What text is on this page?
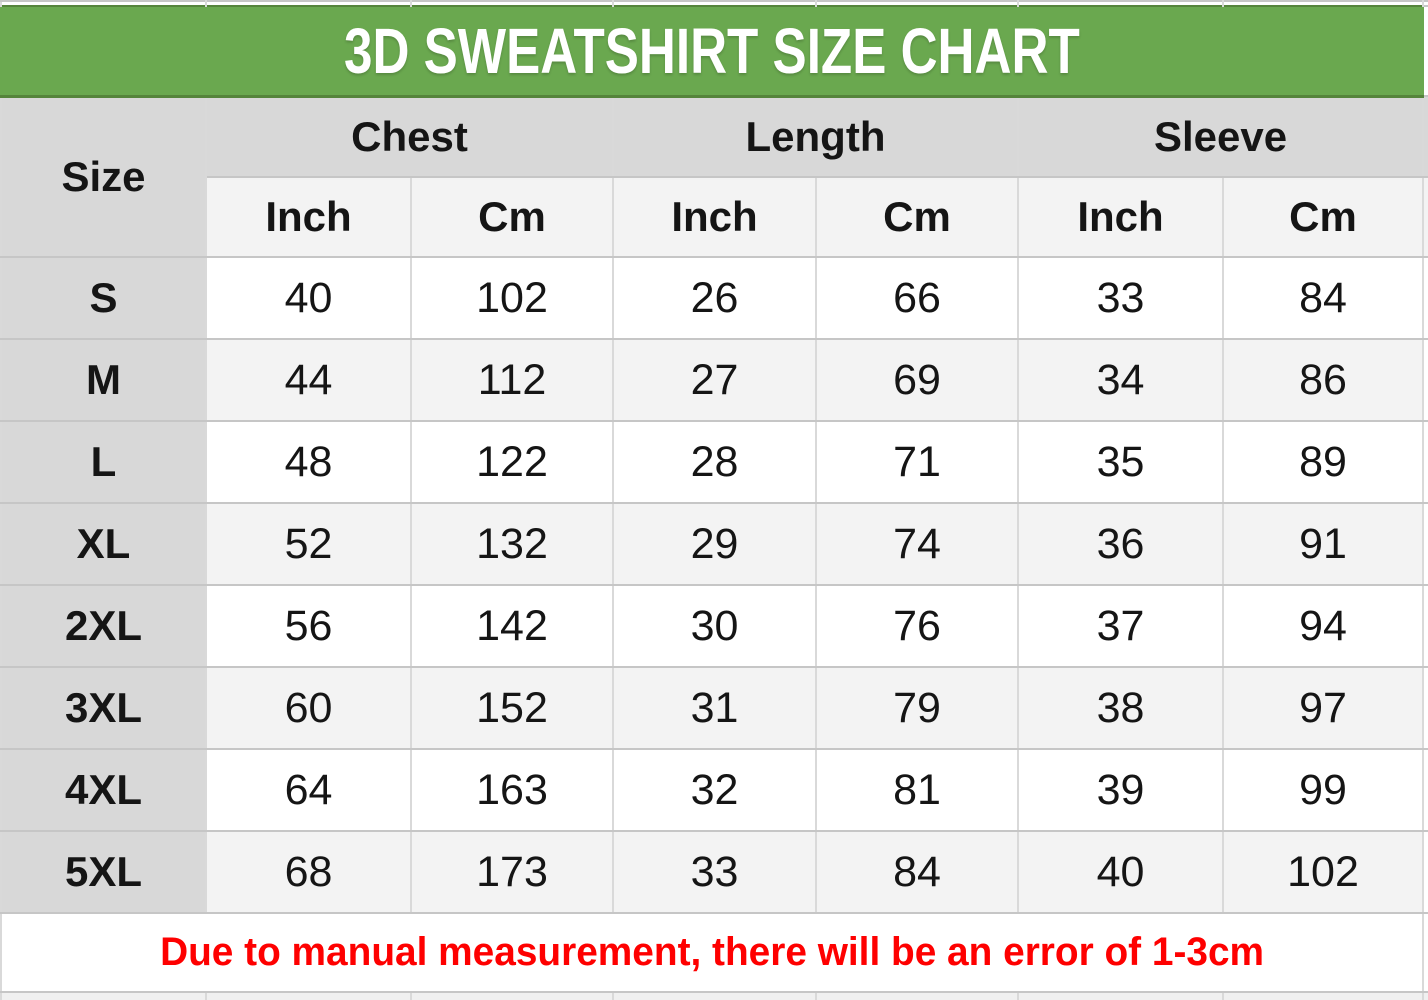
3D SWEATSHIRT SIZE CHART							
Size	Chest		Length		Sleeve		
	Inch	Cm	Inch	Cm	Inch	Cm	
S	40	102	26	66	33	84	
M	44	112	27	69	34	86	
L	48	122	28	71	35	89	
XL	52	132	29	74	36	91	
2XL	56	142	30	76	37	94	
3XL	60	152	31	79	38	97	
4XL	64	163	32	81	39	99	
5XL	68	173	33	84	40	102	
Due to manual measurement, there will be an error of 1-3cm							
